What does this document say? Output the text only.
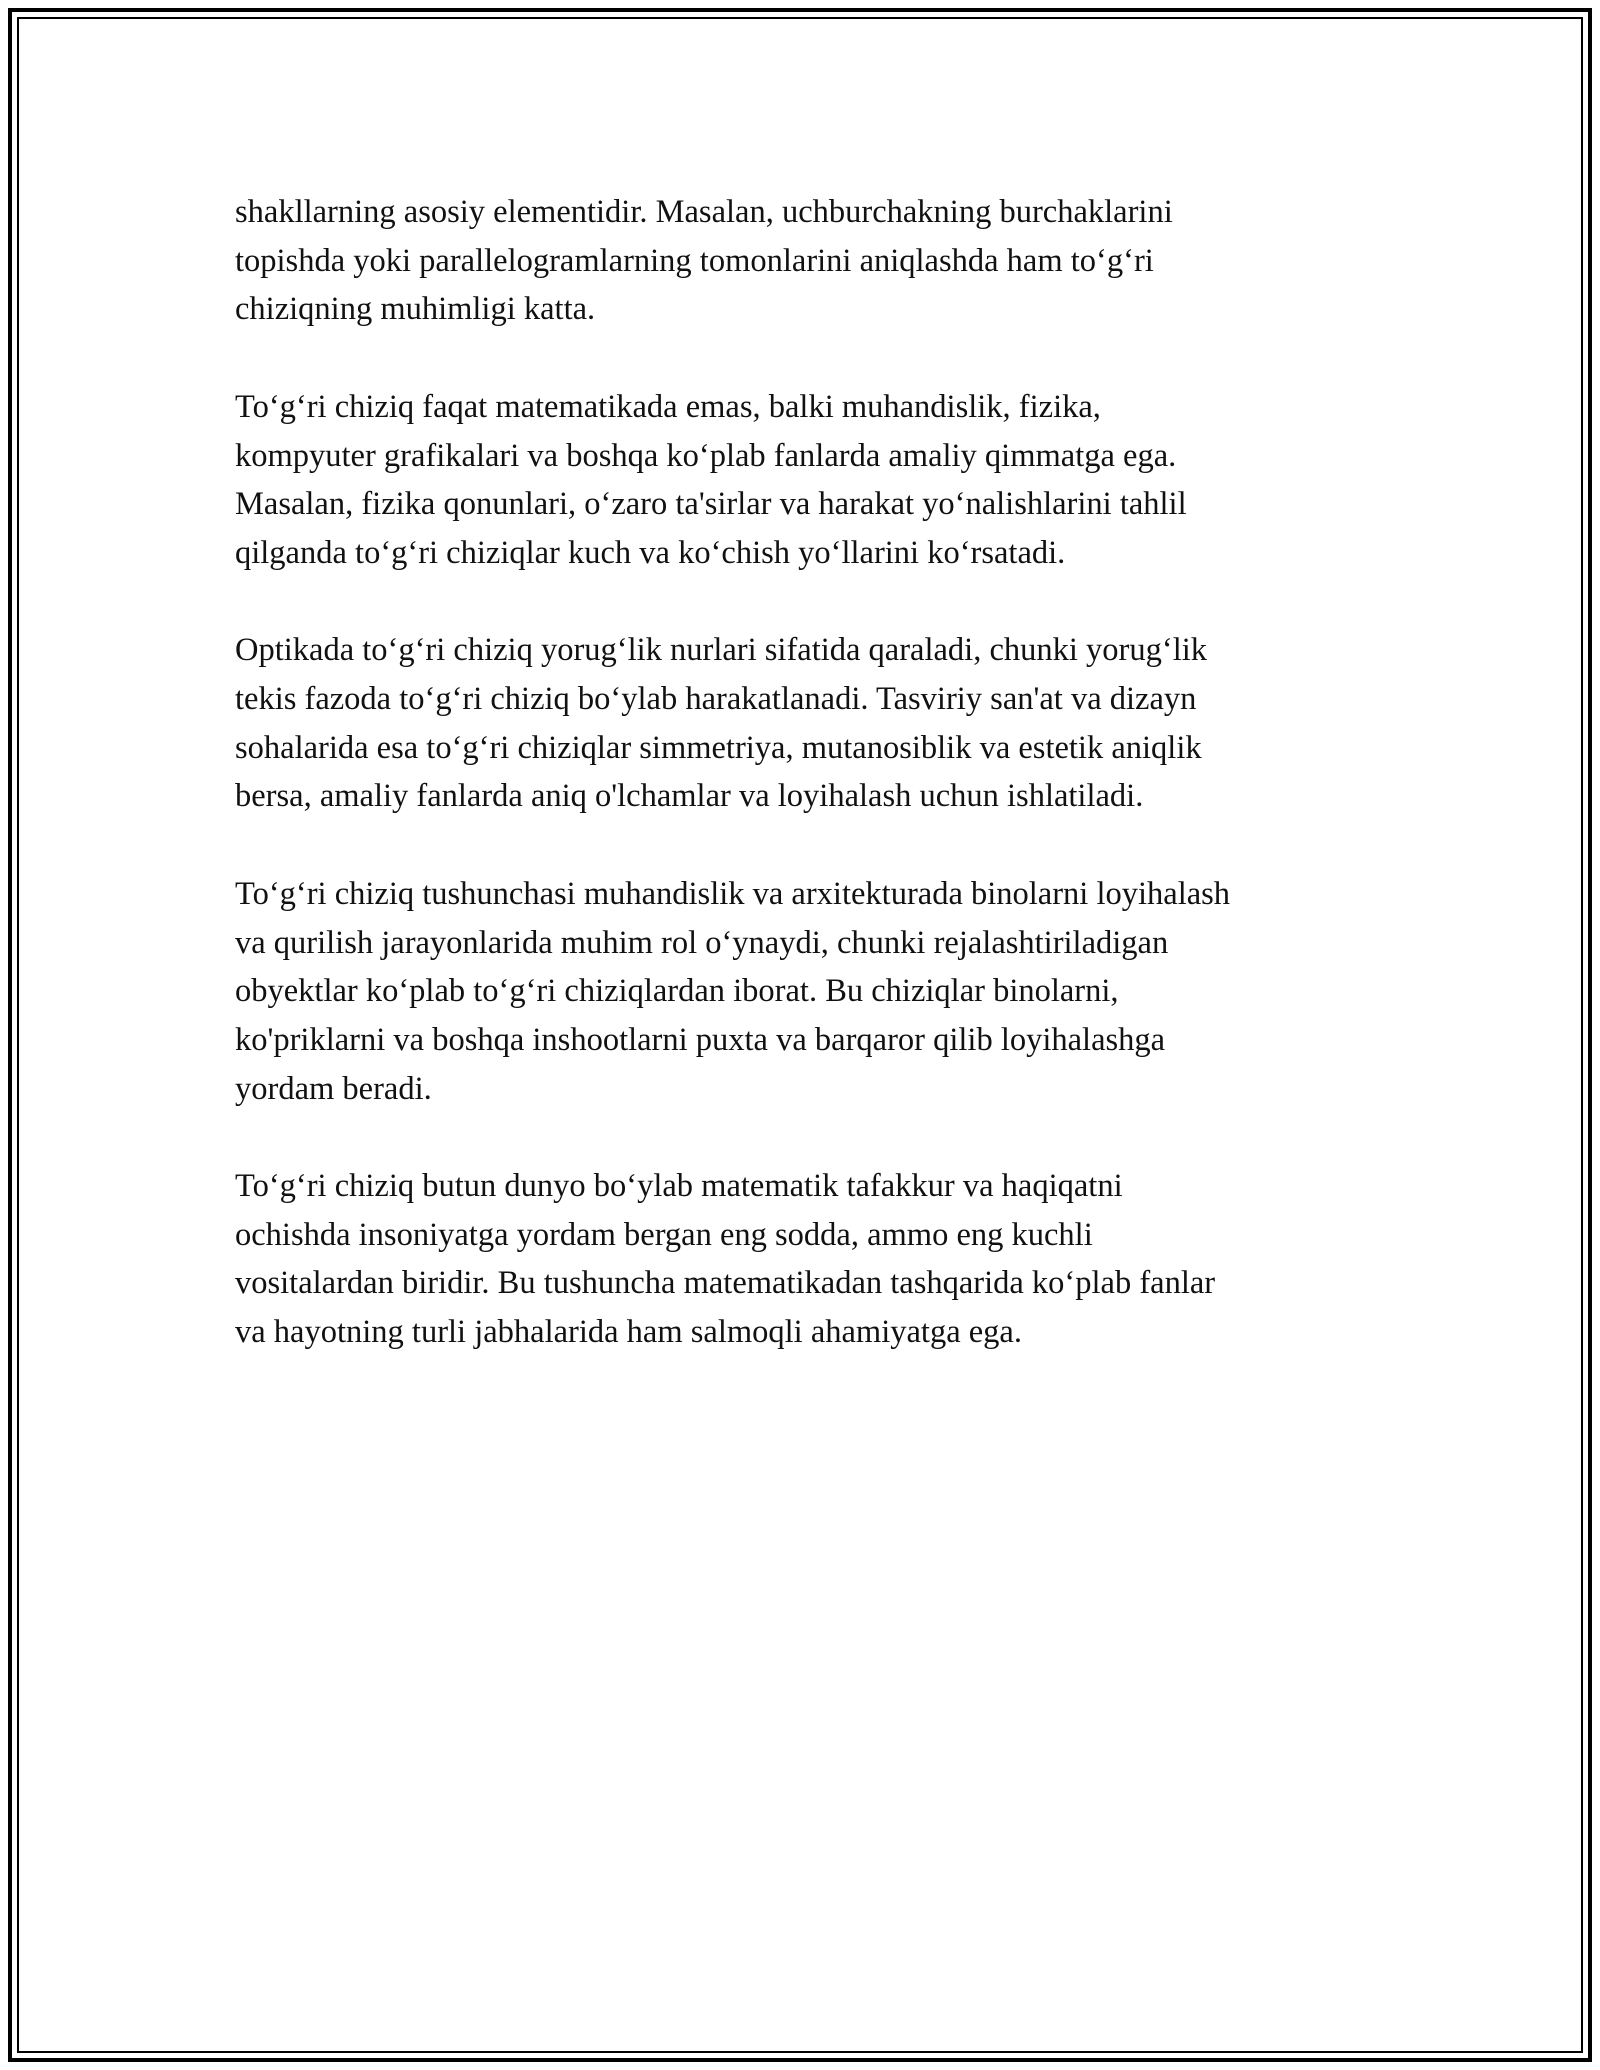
shakllarning asosiy elementidir. Masalan, uchburchakning burchaklarini
topishda yoki parallelogramlarning tomonlarini aniqlashda ham to‘g‘ri
chiziqning muhimligi katta.

To‘g‘ri chiziq faqat matematikada emas, balki muhandislik, fizika,
kompyuter grafikalari va boshqa ko‘plab fanlarda amaliy qimmatga ega.
Masalan, fizika qonunlari, o‘zaro ta'sirlar va harakat yo‘nalishlarini tahlil
qilganda to‘g‘ri chiziqlar kuch va ko‘chish yo‘llarini ko‘rsatadi.

Optikada to‘g‘ri chiziq yorug‘lik nurlari sifatida qaraladi, chunki yorug‘lik
tekis fazoda to‘g‘ri chiziq bo‘ylab harakatlanadi. Tasviriy san'at va dizayn
sohalarida esa to‘g‘ri chiziqlar simmetriya, mutanosiblik va estetik aniqlik
bersa, amaliy fanlarda aniq o'lchamlar va loyihalash uchun ishlatiladi.

To‘g‘ri chiziq tushunchasi muhandislik va arxitekturada binolarni loyihalash
va qurilish jarayonlarida muhim rol o‘ynaydi, chunki rejalashtiriladigan
obyektlar ko‘plab to‘g‘ri chiziqlardan iborat. Bu chiziqlar binolarni,
ko'priklarni va boshqa inshootlarni puxta va barqaror qilib loyihalashga
yordam beradi.

To‘g‘ri chiziq butun dunyo bo‘ylab matematik tafakkur va haqiqatni
ochishda insoniyatga yordam bergan eng sodda, ammo eng kuchli
vositalardan biridir. Bu tushuncha matematikadan tashqarida ko‘plab fanlar
va hayotning turli jabhalarida ham salmoqli ahamiyatga ega.
